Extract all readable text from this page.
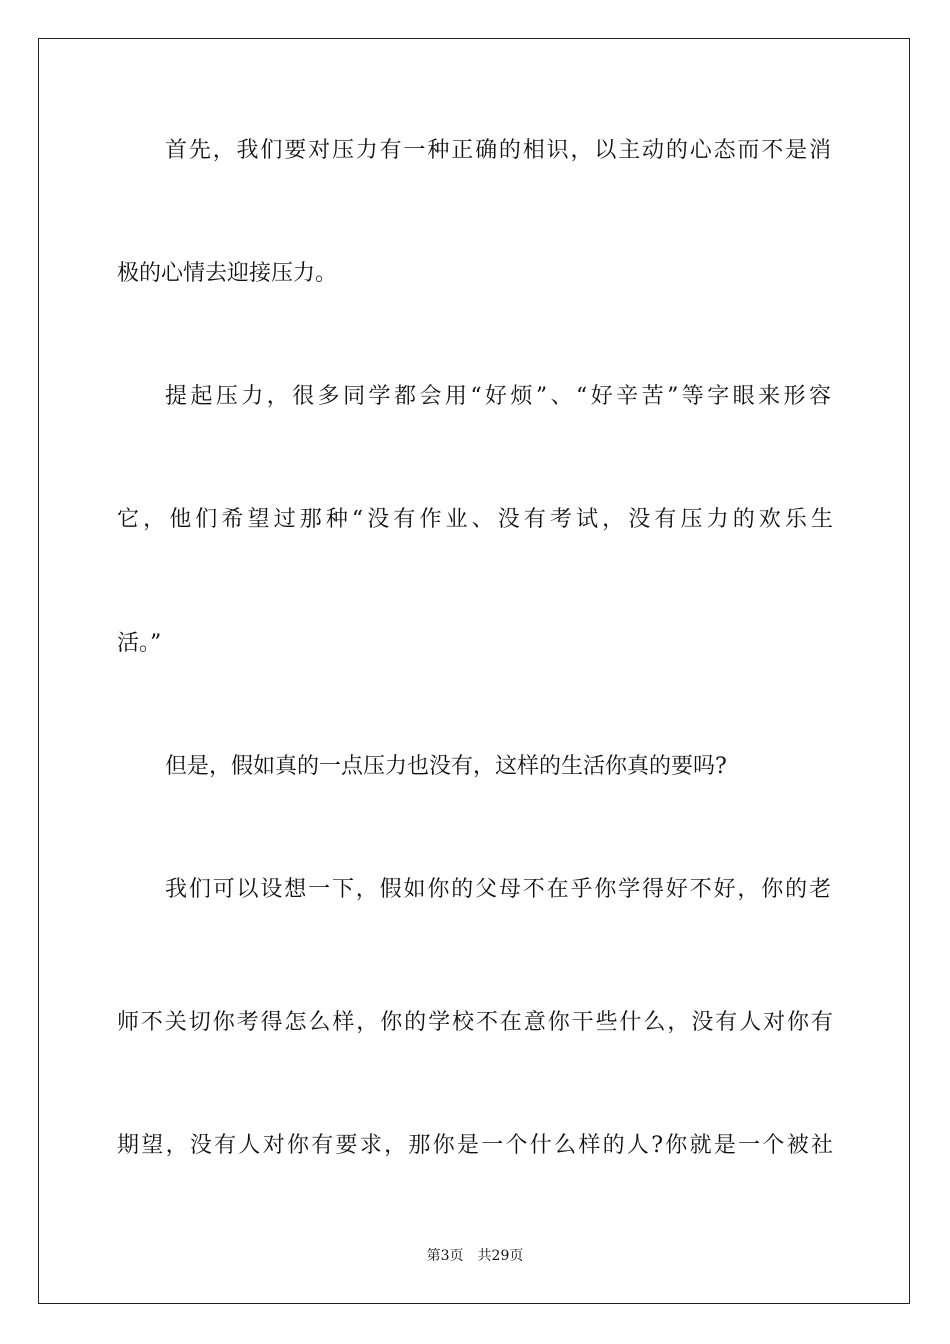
首先，我们要对压力有一种正确的相识，以主动的心态而不是消
极的心情去迎接压力。
提起压力，很多同学都会用“好烦”、“好辛苦”等字眼来形容
它，他们希望过那种“没有作业、没有考试，没有压力的欢乐生
活。”
但是，假如真的一点压力也没有，这样的生活你真的要吗?
我们可以设想一下，假如你的父母不在乎你学得好不好，你的老
师不关切你考得怎么样，你的学校不在意你干些什么，没有人对你有
期望，没有人对你有要求，那你是一个什么样的人?你就是一个被社
第3页　共29页
